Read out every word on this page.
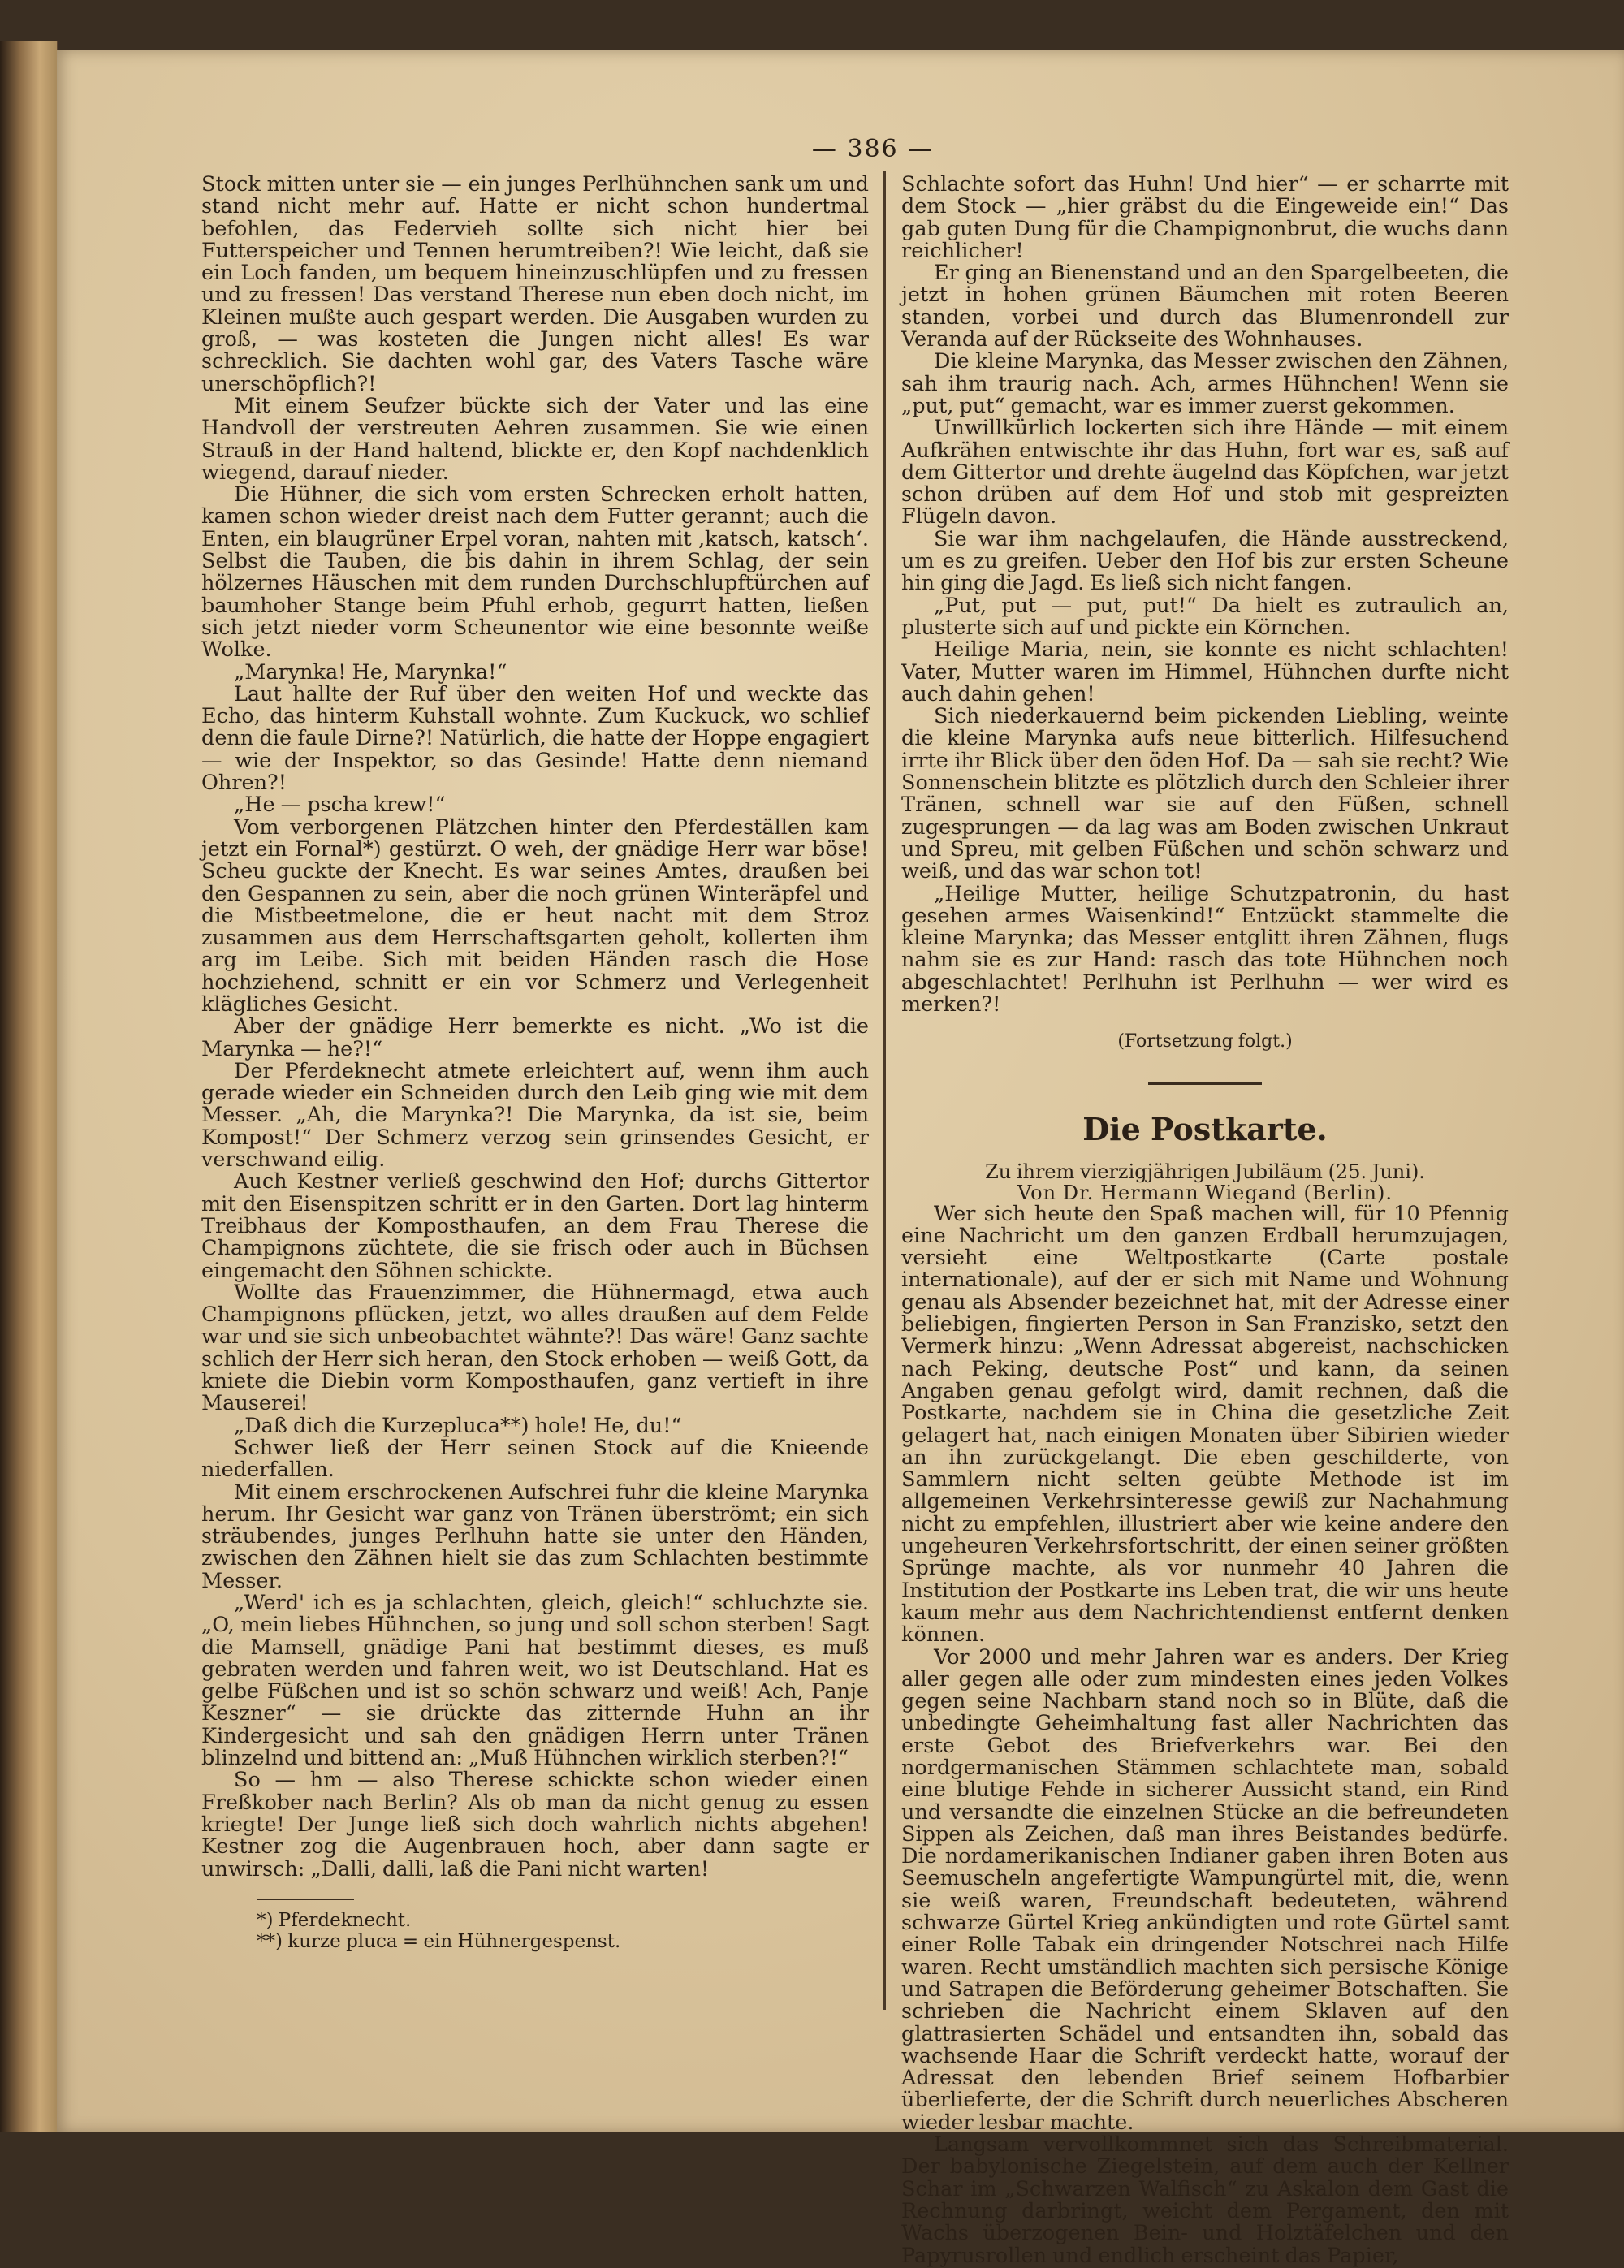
— 386 —

Stock mitten unter sie — ein junges Perlhühnchen sank um und stand nicht mehr auf. Hatte er nicht schon hundertmal befohlen, das Federvieh sollte sich nicht hier bei Futterspeicher und Tennen herumtreiben?! Wie leicht, daß sie ein Loch fanden, um bequem hineinzuschlüpfen und zu fressen und zu fressen! Das verstand Therese nun eben doch nicht, im Kleinen mußte auch gespart werden. Die Ausgaben wurden zu groß, — was kosteten die Jungen nicht alles! Es war schrecklich. Sie dachten wohl gar, des Vaters Tasche wäre unerschöpflich?!

Mit einem Seufzer bückte sich der Vater und las eine Handvoll der verstreuten Aehren zusammen. Sie wie einen Strauß in der Hand haltend, blickte er, den Kopf nachdenklich wiegend, darauf nieder.

Die Hühner, die sich vom ersten Schrecken erholt hatten, kamen schon wieder dreist nach dem Futter gerannt; auch die Enten, ein blaugrüner Erpel voran, nahten mit ‚katsch, katsch‘. Selbst die Tauben, die bis dahin in ihrem Schlag, der sein hölzernes Häuschen mit dem runden Durchschlupftürchen auf baumhoher Stange beim Pfuhl erhob, gegurrt hatten, ließen sich jetzt nieder vorm Scheunentor wie eine besonnte weiße Wolke.

„Marynka! He, Marynka!“

Laut hallte der Ruf über den weiten Hof und weckte das Echo, das hinterm Kuhstall wohnte. Zum Kuckuck, wo schlief denn die faule Dirne?! Natürlich, die hatte der Hoppe engagiert — wie der Inspektor, so das Gesinde! Hatte denn niemand Ohren?!

„He — pscha krew!“

Vom verborgenen Plätzchen hinter den Pferdeställen kam jetzt ein Fornal*) gestürzt. O weh, der gnädige Herr war böse! Scheu guckte der Knecht. Es war seines Amtes, draußen bei den Gespannen zu sein, aber die noch grünen Winteräpfel und die Mistbeetmelone, die er heut nacht mit dem Stroz zusammen aus dem Herrschaftsgarten geholt, kollerten ihm arg im Leibe. Sich mit beiden Händen rasch die Hose hochziehend, schnitt er ein vor Schmerz und Verlegenheit klägliches Gesicht.

Aber der gnädige Herr bemerkte es nicht. „Wo ist die Marynka — he?!“

Der Pferdeknecht atmete erleichtert auf, wenn ihm auch gerade wieder ein Schneiden durch den Leib ging wie mit dem Messer. „Ah, die Marynka?! Die Marynka, da ist sie, beim Kompost!“ Der Schmerz verzog sein grinsendes Gesicht, er verschwand eilig.

Auch Kestner verließ geschwind den Hof; durchs Gittertor mit den Eisenspitzen schritt er in den Garten. Dort lag hinterm Treibhaus der Komposthaufen, an dem Frau Therese die Champignons züchtete, die sie frisch oder auch in Büchsen eingemacht den Söhnen schickte.

Wollte das Frauenzimmer, die Hühnermagd, etwa auch Champignons pflücken, jetzt, wo alles draußen auf dem Felde war und sie sich unbeobachtet wähnte?! Das wäre! Ganz sachte schlich der Herr sich heran, den Stock erhoben — weiß Gott, da kniete die Diebin vorm Komposthaufen, ganz vertieft in ihre Mauserei!

„Daß dich die Kurzepluca**) hole! He, du!“

Schwer ließ der Herr seinen Stock auf die Knieende niederfallen.

Mit einem erschrockenen Aufschrei fuhr die kleine Marynka herum. Ihr Gesicht war ganz von Tränen überströmt; ein sich sträubendes, junges Perlhuhn hatte sie unter den Händen, zwischen den Zähnen hielt sie das zum Schlachten bestimmte Messer.

„Werd' ich es ja schlachten, gleich, gleich!“ schluchzte sie. „O, mein liebes Hühnchen, so jung und soll schon sterben! Sagt die Mamsell, gnädige Pani hat bestimmt dieses, es muß gebraten werden und fahren weit, wo ist Deutschland. Hat es gelbe Füßchen und ist so schön schwarz und weiß! Ach, Panje Keszner“ — sie drückte das zitternde Huhn an ihr Kindergesicht und sah den gnädigen Herrn unter Tränen blinzelnd und bittend an: „Muß Hühnchen wirklich sterben?!“

So — hm — also Therese schickte schon wieder einen Freßkober nach Berlin? Als ob man da nicht genug zu essen kriegte! Der Junge ließ sich doch wahrlich nichts abgehen! Kestner zog die Augenbrauen hoch, aber dann sagte er unwirsch: „Dalli, dalli, laß die Pani nicht warten!

*) Pferdeknecht.

**) kurze pluca = ein Hühnergespenst.

Schlachte sofort das Huhn! Und hier“ — er scharrte mit dem Stock — „hier gräbst du die Eingeweide ein!“ Das gab guten Dung für die Champignonbrut, die wuchs dann reichlicher!

Er ging an Bienenstand und an den Spargelbeeten, die jetzt in hohen grünen Bäumchen mit roten Beeren standen, vorbei und durch das Blumenrondell zur Veranda auf der Rückseite des Wohnhauses.

Die kleine Marynka, das Messer zwischen den Zähnen, sah ihm traurig nach. Ach, armes Hühnchen! Wenn sie „put, put“ gemacht, war es immer zuerst gekommen.

Unwillkürlich lockerten sich ihre Hände — mit einem Aufkrähen entwischte ihr das Huhn, fort war es, saß auf dem Gittertor und drehte äugelnd das Köpfchen, war jetzt schon drüben auf dem Hof und stob mit gespreizten Flügeln davon.

Sie war ihm nachgelaufen, die Hände ausstreckend, um es zu greifen. Ueber den Hof bis zur ersten Scheune hin ging die Jagd. Es ließ sich nicht fangen.

„Put, put — put, put!“ Da hielt es zutraulich an, plusterte sich auf und pickte ein Körnchen.

Heilige Maria, nein, sie konnte es nicht schlachten! Vater, Mutter waren im Himmel, Hühnchen durfte nicht auch dahin gehen!

Sich niederkauernd beim pickenden Liebling, weinte die kleine Marynka aufs neue bitterlich. Hilfesuchend irrte ihr Blick über den öden Hof. Da — sah sie recht? Wie Sonnenschein blitzte es plötzlich durch den Schleier ihrer Tränen, schnell war sie auf den Füßen, schnell zugesprungen — da lag was am Boden zwischen Unkraut und Spreu, mit gelben Füßchen und schön schwarz und weiß, und das war schon tot!

„Heilige Mutter, heilige Schutzpatronin, du hast gesehen armes Waisenkind!“ Entzückt stammelte die kleine Marynka; das Messer entglitt ihren Zähnen, flugs nahm sie es zur Hand: rasch das tote Hühnchen noch abgeschlachtet! Perlhuhn ist Perlhuhn — wer wird es merken?!

(Fortsetzung folgt.)

Die Postkarte.

Zu ihrem vierzigjährigen Jubiläum (25. Juni).

Von Dr. Hermann Wiegand (Berlin).

Wer sich heute den Spaß machen will, für 10 Pfennig eine Nachricht um den ganzen Erdball herumzujagen, versieht eine Weltpostkarte (Carte postale internationale), auf der er sich mit Name und Wohnung genau als Absender bezeichnet hat, mit der Adresse einer beliebigen, fingierten Person in San Franzisko, setzt den Vermerk hinzu: „Wenn Adressat abgereist, nachschicken nach Peking, deutsche Post“ und kann, da seinen Angaben genau gefolgt wird, damit rechnen, daß die Postkarte, nachdem sie in China die gesetzliche Zeit gelagert hat, nach einigen Monaten über Sibirien wieder an ihn zurückgelangt. Die eben geschilderte, von Sammlern nicht selten geübte Methode ist im allgemeinen Verkehrsinteresse gewiß zur Nachahmung nicht zu empfehlen, illustriert aber wie keine andere den ungeheuren Verkehrsfortschritt, der einen seiner größten Sprünge machte, als vor nunmehr 40 Jahren die Institution der Postkarte ins Leben trat, die wir uns heute kaum mehr aus dem Nachrichtendienst entfernt denken können.

Vor 2000 und mehr Jahren war es anders. Der Krieg aller gegen alle oder zum mindesten eines jeden Volkes gegen seine Nachbarn stand noch so in Blüte, daß die unbedingte Geheimhaltung fast aller Nachrichten das erste Gebot des Briefverkehrs war. Bei den nordgermanischen Stämmen schlachtete man, sobald eine blutige Fehde in sicherer Aussicht stand, ein Rind und versandte die einzelnen Stücke an die befreundeten Sippen als Zeichen, daß man ihres Beistandes bedürfe. Die nordamerikanischen Indianer gaben ihren Boten aus Seemuscheln angefertigte Wampungürtel mit, die, wenn sie weiß waren, Freundschaft bedeuteten, während schwarze Gürtel Krieg ankündigten und rote Gürtel samt einer Rolle Tabak ein dringender Notschrei nach Hilfe waren. Recht umständlich machten sich persische Könige und Satrapen die Beförderung geheimer Botschaften. Sie schrieben die Nachricht einem Sklaven auf den glattrasierten Schädel und entsandten ihn, sobald das wachsende Haar die Schrift verdeckt hatte, worauf der Adressat den lebenden Brief seinem Hofbarbier überlieferte, der die Schrift durch neuerliches Abscheren wieder lesbar machte.

Langsam vervollkommnet sich das Schreibmaterial. Der babylonische Ziegelstein, auf dem auch der Kellner Schar im „Schwarzen Walfisch“ zu Askalon dem Gast die Rechnung darbringt, weicht dem Pergament, den mit Wachs überzogenen Bein- und Holztäfelchen und den Papyrusrollen und endlich erscheint das Papier,
